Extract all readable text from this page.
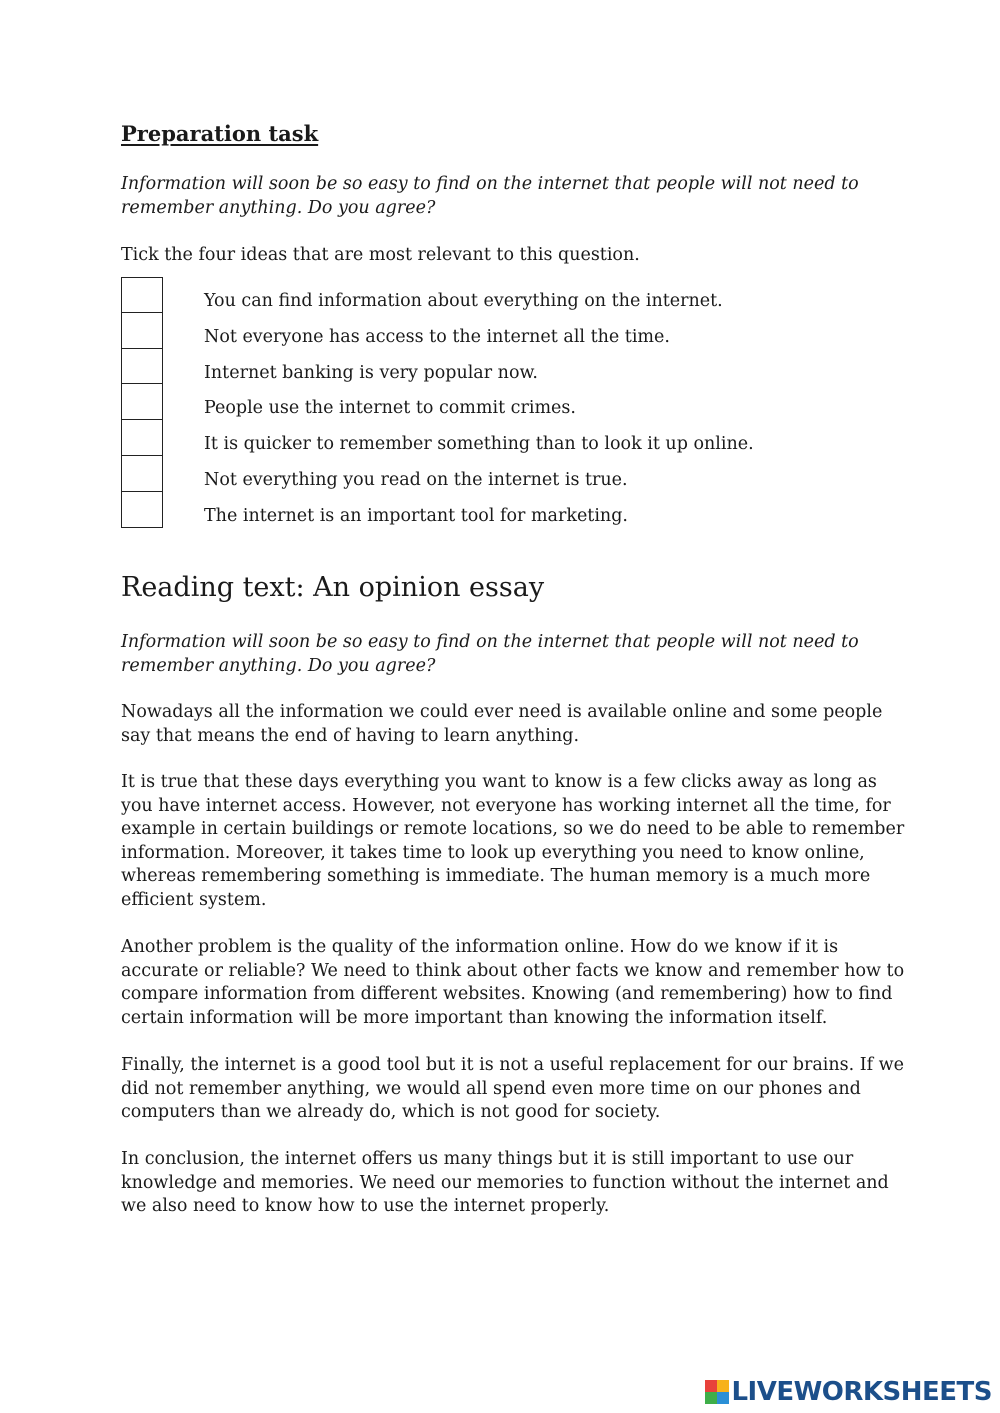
Preparation task

Information will soon be so easy to find on the internet that people will not need to
remember anything. Do you agree?

Tick the four ideas that are most relevant to this question.

You can find information about everything on the internet.
Not everyone has access to the internet all the time.
Internet banking is very popular now.
People use the internet to commit crimes.
It is quicker to remember something than to look it up online.
Not everything you read on the internet is true.
The internet is an important tool for marketing.
Reading text: An opinion essay

Information will soon be so easy to find on the internet that people will not need to
remember anything. Do you agree?

Nowadays all the information we could ever need is available online and some people
say that means the end of having to learn anything.

It is true that these days everything you want to know is a few clicks away as long as
you have internet access. However, not everyone has working internet all the time, for
example in certain buildings or remote locations, so we do need to be able to remember
information. Moreover, it takes time to look up everything you need to know online,
whereas remembering something is immediate. The human memory is a much more
efficient system.

Another problem is the quality of the information online. How do we know if it is
accurate or reliable? We need to think about other facts we know and remember how to
compare information from different websites. Knowing (and remembering) how to find
certain information will be more important than knowing the information itself.

Finally, the internet is a good tool but it is not a useful replacement for our brains. If we
did not remember anything, we would all spend even more time on our phones and
computers than we already do, which is not good for society.

In conclusion, the internet offers us many things but it is still important to use our
knowledge and memories. We need our memories to function without the internet and
we also need to know how to use the internet properly.

LIVEWORKSHEETS
